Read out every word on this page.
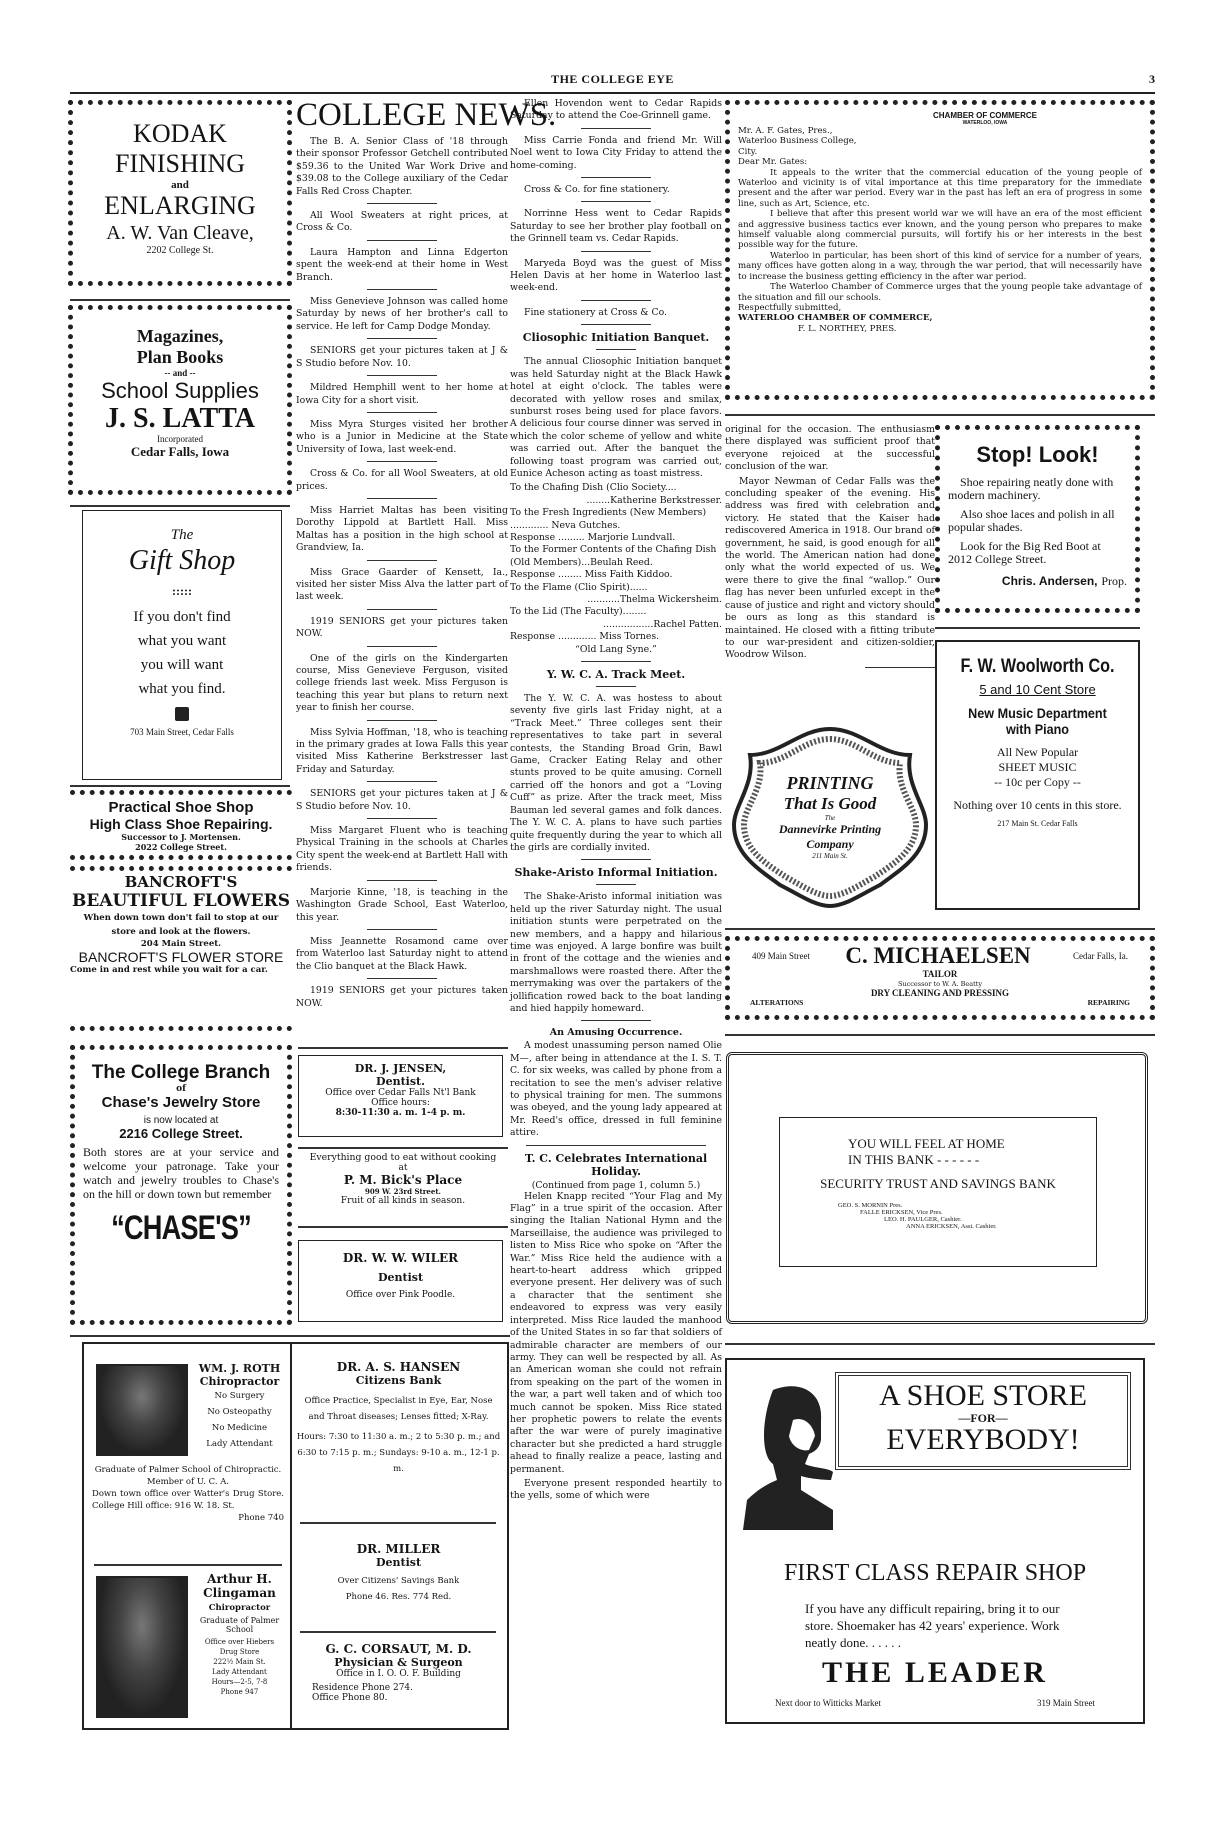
THE COLLEGE EYE	3
KODAK
FINISHING
and
ENLARGING
A. W. Van Cleave,
2202 College St.
Magazines,
Plan Books
-- and --
School Supplies
J. S. LATTA
Incorporated
Cedar Falls, Iowa
The
Gift Shop
:::::
If you don't find
what you want
you will want
what you find.
703 Main Street, Cedar Falls
Practical Shoe Shop
High Class Shoe Repairing.
Successor to J. Mortensen.
2022 College Street.
BANCROFT'S
BEAUTIFUL FLOWERS
When down town don't fail to stop at our store and look at the flowers.
204 Main Street.
BANCROFT'S FLOWER STORE
Come in and rest while you wait for a car.
The College Branch
of
Chase's Jewelry Store
is now located at
2216 College Street.
Both stores are at your service and welcome your patronage. Take your watch and jewelry troubles to Chase's on the hill or down town but remember
“CHASE'S”
COLLEGE NEWS.

The B. A. Senior Class of '18 through their sponsor Professor Getchell contributed $59.36 to the United War Work Drive and $39.08 to the College auxiliary of the Cedar Falls Red Cross Chapter.

All Wool Sweaters at right prices, at Cross & Co.

Laura Hampton and Linna Edgerton spent the week-end at their home in West Branch.

Miss Genevieve Johnson was called home Saturday by news of her brother's call to service. He left for Camp Dodge Monday.

SENIORS get your pictures taken at J & S Studio before Nov. 10.

Mildred Hemphill went to her home at Iowa City for a short visit.

Miss Myra Sturges visited her brother who is a Junior in Medicine at the State University of Iowa, last week-end.

Cross & Co. for all Wool Sweaters, at old prices.

Miss Harriet Maltas has been visiting Dorothy Lippold at Bartlett Hall. Miss Maltas has a position in the high school at Grandview, Ia.

Miss Grace Gaarder of Kensett, Ia., visited her sister Miss Alva the latter part of last week.

1919 SENIORS get your pictures taken NOW.

One of the girls on the Kindergarten course, Miss Genevieve Ferguson, visited college friends last week. Miss Ferguson is teaching this year but plans to return next year to finish her course.

Miss Sylvia Hoffman, '18, who is teaching in the primary grades at Iowa Falls this year visited Miss Katherine Berkstresser last Friday and Saturday.

SENIORS get your pictures taken at J & S Studio before Nov. 10.

Miss Margaret Fluent who is teaching Physical Training in the schools at Charles City spent the week-end at Bartlett Hall with friends.

Marjorie Kinne, '18, is teaching in the Washington Grade School, East Waterloo, this year.

Miss Jeannette Rosamond came over from Waterloo last Saturday night to attend the Clio banquet at the Black Hawk.

1919 SENIORS get your pictures taken NOW.

DR. J. JENSEN,
Dentist.
Office over Cedar Falls Nt'l Bank
Office hours:
8:30-11:30 a. m. 1-4 p. m.
Everything good to eat without cooking
at
P. M. Bick's Place
909 W. 23rd Street.
Fruit of all kinds in season.
DR. W. W. WILER
Dentist
Office over Pink Poodle.
WM. J. ROTH
Chiropractor
No Surgery
No Osteopathy
No Medicine
Lady Attendant
Graduate of Palmer School of Chiropractic.
Member of U. C. A.
Down town office over Watter's Drug Store. College Hill office: 916 W. 18. St.
Phone 740
Arthur H.
Clingaman
Chiropractor
Graduate of Palmer School
Office over Hiebers
Drug Store
222½ Main St.
Lady Attendant
Hours—2-5, 7-8
Phone 947
DR. A. S. HANSEN
Citizens Bank
Office Practice, Specialist in Eye, Ear, Nose and Throat diseases; Lenses fitted; X-Ray.
Hours: 7:30 to 11:30 a. m.; 2 to 5:30 p. m.; and 6:30 to 7:15 p. m.; Sundays: 9-10 a. m., 12-1 p. m.
DR. MILLER
Dentist
Over Citizens' Savings Bank
Phone 46. Res. 774 Red.
G. C. CORSAUT, M. D.
Physician & Surgeon
Office in I. O. O. F. Building
Residence Phone 274.
Office Phone 80.

Ellen Hovendon went to Cedar Rapids Saturday to attend the Coe-Grinnell game.

Miss Carrie Fonda and friend Mr. Will Noel went to Iowa City Friday to attend the home-coming.

Cross & Co. for fine stationery.

Norrinne Hess went to Cedar Rapids Saturday to see her brother play football on the Grinnell team vs. Cedar Rapids.

Maryeda Boyd was the guest of Miss Helen Davis at her home in Waterloo last week-end.

Fine stationery at Cross & Co.

Cliosophic Initiation Banquet.

The annual Cliosophic Initiation banquet was held Saturday night at the Black Hawk hotel at eight o'clock. The tables were decorated with yellow roses and smilax, sunburst roses being used for place favors. A delicious four course dinner was served in which the color scheme of yellow and white was carried out. After the banquet the following toast program was carried out, Eunice Acheson acting as toast mistress.

To the Chafing Dish (Clio Society....
........Katherine Berkstresser.
To the Fresh Ingredients (New Members) ............. Neva Gutches.
Response ......... Marjorie Lundvall.
To the Former Contents of the Chafing Dish (Old Members)...Beulah Reed.
Response ........ Miss Faith Kiddoo.
To the Flame (Clio Spirit)......
...........Thelma Wickersheim.
To the Lid (The Faculty)........
.................Rachel Patten.
Response ............. Miss Tornes.
“Old Lang Syne.”
Y. W. C. A. Track Meet.

The Y. W. C. A. was hostess to about seventy five girls last Friday night, at a “Track Meet.” Three colleges sent their representatives to take part in several contests, the Standing Broad Grin, Bawl Game, Cracker Eating Relay and other stunts proved to be quite amusing. Cornell carried off the honors and got a “Loving Cuff” as prize. After the track meet, Miss Bauman led several games and folk dances. The Y. W. C. A. plans to have such parties quite frequently during the year to which all the girls are cordially invited.

Shake-Aristo Informal Initiation.

The Shake-Aristo informal initiation was held up the river Saturday night. The usual initiation stunts were perpetrated on the new members, and a happy and hilarious time was enjoyed. A large bonfire was built in front of the cottage and the wienies and marshmallows were roasted there. After the merrymaking was over the partakers of the jollification rowed back to the boat landing and hied happily homeward.

An Amusing Occurrence.

A modest unassuming person named Olie M—, after being in attendance at the I. S. T. C. for six weeks, was called by phone from a recitation to see the men's adviser relative to physical training for men. The summons was obeyed, and the young lady appeared at Mr. Reed's office, dressed in full feminine attire.

T. C. Celebrates International Holiday.
(Continued from page 1, column 5.)

Helen Knapp recited “Your Flag and My Flag” in a true spirit of the occasion. After singing the Italian National Hymn and the Marseillaise, the audience was privileged to listen to Miss Rice who spoke on “After the War.” Miss Rice held the audience with a heart-to-heart address which gripped everyone present. Her delivery was of such a character that the sentiment she endeavored to express was very easily interpreted. Miss Rice lauded the manhood of the United States in so far that soldiers of admirable character are members of our army. They can well be respected by all. As an American woman she could not refrain from speaking on the part of the women in the war, a part well taken and of which too much cannot be spoken. Miss Rice stated her prophetic powers to relate the events after the war were of purely imaginative character but she predicted a hard struggle ahead to finally realize a peace, lasting and permanent.

Everyone present responded heartily to the yells, some of which were

CHAMBER OF COMMERCE
WATERLOO, IOWA

Mr. A. F. Gates, Pres.,

Waterloo Business College,

City.

Dear Mr. Gates:

It appeals to the writer that the commercial education of the young people of Waterloo and vicinity is of vital importance at this time preparatory for the immediate present and the after war period. Every war in the past has left an era of progress in some line, such as Art, Science, etc.

I believe that after this present world war we will have an era of the most efficient and aggressive business tactics ever known, and the young person who prepares to make himself valuable along commercial pursuits, will fortify his or her interests in the best possible way for the future.

Waterloo in particular, has been short of this kind of service for a number of years, many offices have gotten along in a way, through the war period, that will necessarily have to increase the business getting efficiency in the after war period.

The Waterloo Chamber of Commerce urges that the young people take advantage of the situation and fill our schools.

Respectfully submitted,

WATERLOO CHAMBER OF COMMERCE,

F. L. NORTHEY, PRES.

original for the occasion. The enthusiasm there displayed was sufficient proof that everyone rejoiced at the successful conclusion of the war.

Mayor Newman of Cedar Falls was the concluding speaker of the evening. His address was fired with celebration and victory. He stated that the Kaiser had rediscovered America in 1918. Our brand of government, he said, is good enough for all the world. The American nation had done only what the world expected of us. We were there to give the final “wallop.” Our flag has never been unfurled except in the cause of justice and right and victory should be ours as long as this standard is maintained. He closed with a fitting tribute to our war-president and citizen-soldier, Woodrow Wilson.

PRINTING
That Is Good
The
Dannevirke Printing
Company
211 Main St.
Stop! Look!
Shoe repairing neatly done with modern machinery.
Also shoe laces and polish in all popular shades.
Look for the Big Red Boot at 2012 College Street.
Chris. Andersen, Prop.
F. W. Woolworth Co.
5 and 10 Cent Store
New Music Department with Piano
All New Popular
SHEET MUSIC
-- 10c per Copy --
Nothing over 10 cents in this store.
217 Main St. Cedar Falls
409 Main Street	C. MICHAELSEN	Cedar Falls, Ia.
TAILOR
Successor to W. A. Beatty
DRY CLEANING AND PRESSING
ALTERATIONS	REPAIRING
YOU WILL FEEL AT HOME
IN THIS BANK - - - - - -
SECURITY TRUST AND SAVINGS BANK
GEO. S. MORNIN Pres.
FALLE ERICKSEN, Vice Pres.
LEO. H. PAULGER, Cashier.
ANNA ERICKSEN, Asst. Cashier.
A SHOE STORE
—FOR—
EVERYBODY!
FIRST CLASS REPAIR SHOP
If you have any difficult repairing, bring it to our store. Shoemaker has 42 years' experience. Work neatly done. . . . . .
THE LEADER
Next door to Witticks Market	319 Main Street
